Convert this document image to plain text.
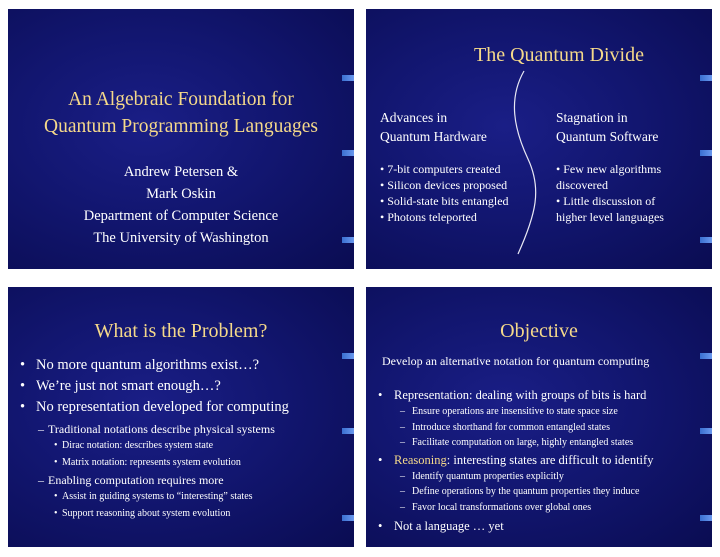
An Algebraic Foundation for
Quantum Programming Languages
Andrew Petersen &
Mark Oskin
Department of Computer Science
The University of Washington
The Quantum Divide
Advances in
Quantum Hardware
• 7-bit computers created
• Silicon devices proposed
• Solid-state bits entangled
• Photons teleported
Stagnation in
Quantum Software
• Few new algorithms
discovered
• Little discussion of
higher level languages
What is the Problem?
• No more quantum algorithms exist…?
• We’re just not smart enough…?
• No representation developed for computing
– Traditional notations describe physical systems
• Dirac notation: describes system state
• Matrix notation: represents system evolution
– Enabling computation requires more
• Assist in guiding systems to “interesting” states
• Support reasoning about system evolution
Objective

Develop an alternative notation for quantum computing

• Representation: dealing with groups of bits is hard
– Ensure operations are insensitive to state space size
– Introduce shorthand for common entangled states
– Facilitate computation on large, highly entangled states
• Reasoning: interesting states are difficult to identify
– Identify quantum properties explicitly
– Define operations by the quantum properties they induce
– Favor local transformations over global ones
• Not a language … yet
